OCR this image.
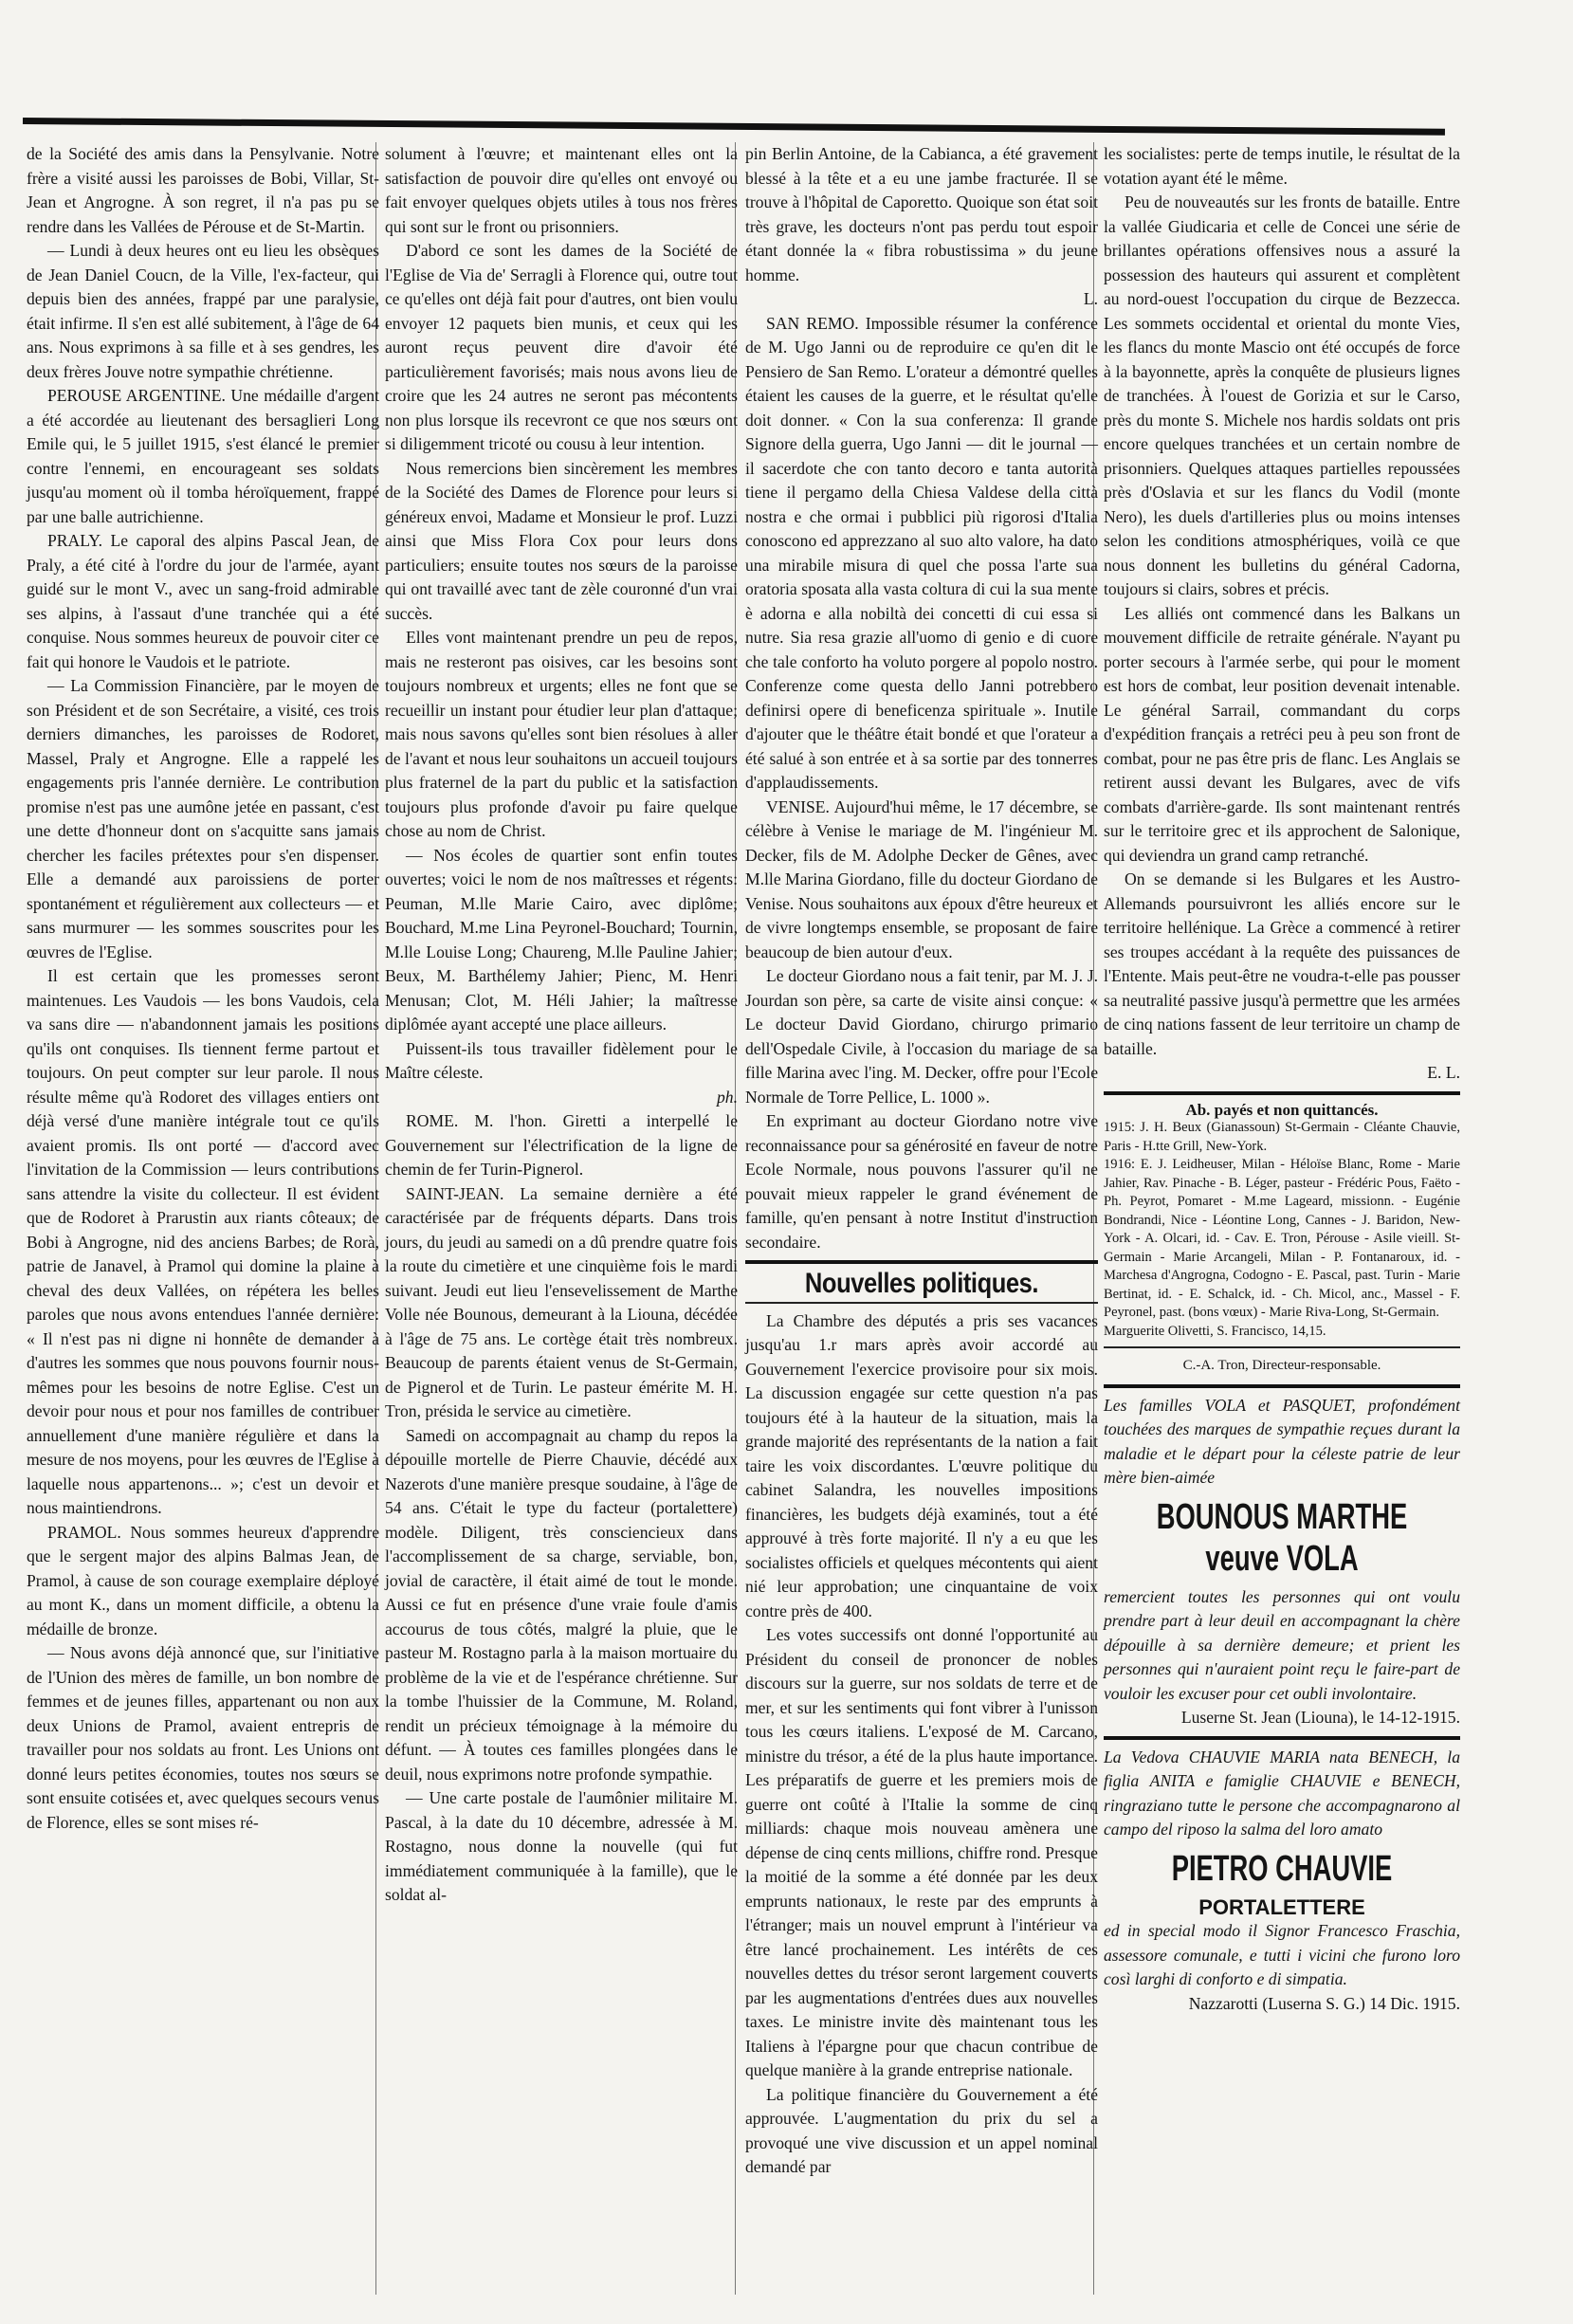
de la Société des amis dans la Pensylvanie. Notre frère a visité aussi les paroisses de Bobi, Villar, St-Jean et Angrogne. À son regret, il n'a pas pu se rendre dans les Vallées de Pérouse et de St-Martin.

— Lundi à deux heures ont eu lieu les obsèques de Jean Daniel Coucn, de la Ville, l'ex-facteur, qui depuis bien des années, frappé par une paralysie, était infirme. Il s'en est allé subitement, à l'âge de 64 ans. Nous exprimons à sa fille et à ses gendres, les deux frères Jouve notre sympathie chrétienne.

PEROUSE ARGENTINE. Une médaille d'argent a été accordée au lieutenant des bersaglieri Long Emile qui, le 5 juillet 1915, s'est élancé le premier contre l'ennemi, en encourageant ses soldats jusqu'au moment où il tomba héroïquement, frappé par une balle autrichienne.

PRALY. Le caporal des alpins Pascal Jean, de Praly, a été cité à l'ordre du jour de l'armée, ayant guidé sur le mont V., avec un sang-froid admirable ses alpins, à l'assaut d'une tranchée qui a été conquise. Nous sommes heureux de pouvoir citer ce fait qui honore le Vaudois et le patriote.

— La Commission Financière, par le moyen de son Président et de son Secrétaire, a visité, ces trois derniers dimanches, les paroisses de Rodoret, Massel, Praly et Angrogne. Elle a rappelé les engagements pris l'année dernière. Le contribution promise n'est pas une aumône jetée en passant, c'est une dette d'honneur dont on s'acquitte sans jamais chercher les faciles prétextes pour s'en dispenser. Elle a demandé aux paroissiens de porter spontanément et régulièrement aux collecteurs — et sans murmurer — les sommes souscrites pour les œuvres de l'Eglise.

Il est certain que les promesses seront maintenues. Les Vaudois — les bons Vaudois, cela va sans dire — n'abandonnent jamais les positions qu'ils ont conquises. Ils tiennent ferme partout et toujours. On peut compter sur leur parole. Il nous résulte même qu'à Rodoret des villages entiers ont déjà versé d'une manière intégrale tout ce qu'ils avaient promis. Ils ont porté — d'accord avec l'invitation de la Commission — leurs contributions sans attendre la visite du collecteur. Il est évident que de Rodoret à Prarustin aux riants côteaux; de Bobi à Angrogne, nid des anciens Barbes; de Rorà, patrie de Janavel, à Pramol qui domine la plaine à cheval des deux Vallées, on répétera les belles paroles que nous avons entendues l'année dernière: « Il n'est pas ni digne ni honnête de demander à d'autres les sommes que nous pouvons fournir nous-mêmes pour les besoins de notre Eglise. C'est un devoir pour nous et pour nos familles de contribuer annuellement d'une manière régulière et dans la mesure de nos moyens, pour les œuvres de l'Eglise à laquelle nous appartenons... »; c'est un devoir et nous maintiendrons.

PRAMOL. Nous sommes heureux d'apprendre que le sergent major des alpins Balmas Jean, de Pramol, à cause de son courage exemplaire déployé au mont K., dans un moment difficile, a obtenu la médaille de bronze.

— Nous avons déjà annoncé que, sur l'initiative de l'Union des mères de famille, un bon nombre de femmes et de jeunes filles, appartenant ou non aux deux Unions de Pramol, avaient entrepris de travailler pour nos soldats au front. Les Unions ont donné leurs petites économies, toutes nos sœurs se sont ensuite cotisées et, avec quelques secours venus de Florence, elles se sont mises ré-

solument à l'œuvre; et maintenant elles ont la satisfaction de pouvoir dire qu'elles ont envoyé ou fait envoyer quelques objets utiles à tous nos frères qui sont sur le front ou prisonniers.

D'abord ce sont les dames de la Société de l'Eglise de Via de' Serragli à Florence qui, outre tout ce qu'elles ont déjà fait pour d'autres, ont bien voulu envoyer 12 paquets bien munis, et ceux qui les auront reçus peuvent dire d'avoir été particulièrement favorisés; mais nous avons lieu de croire que les 24 autres ne seront pas mécontents non plus lorsque ils recevront ce que nos sœurs ont si diligemment tricoté ou cousu à leur intention.

Nous remercions bien sincèrement les membres de la Société des Dames de Florence pour leurs si généreux envoi, Madame et Monsieur le prof. Luzzi ainsi que Miss Flora Cox pour leurs dons particuliers; ensuite toutes nos sœurs de la paroisse qui ont travaillé avec tant de zèle couronné d'un vrai succès.

Elles vont maintenant prendre un peu de repos, mais ne resteront pas oisives, car les besoins sont toujours nombreux et urgents; elles ne font que se recueillir un instant pour étudier leur plan d'attaque; mais nous savons qu'elles sont bien résolues à aller de l'avant et nous leur souhaitons un accueil toujours plus fraternel de la part du public et la satisfaction toujours plus profonde d'avoir pu faire quelque chose au nom de Christ.

— Nos écoles de quartier sont enfin toutes ouvertes; voici le nom de nos maîtresses et régents: Peuman, M.lle Marie Cairo, avec diplôme; Bouchard, M.me Lina Peyronel-Bouchard; Tournin, M.lle Louise Long; Chaureng, M.lle Pauline Jahier; Beux, M. Barthélemy Jahier; Pienc, M. Henri Menusan; Clot, M. Héli Jahier; la maîtresse diplômée ayant accepté une place ailleurs.

Puissent-ils tous travailler fidèlement pour le Maître céleste.

ph.

ROME. M. l'hon. Giretti a interpellé le Gouvernement sur l'électrification de la ligne de chemin de fer Turin-Pignerol.

SAINT-JEAN. La semaine dernière a été caractérisée par de fréquents départs. Dans trois jours, du jeudi au samedi on a dû prendre quatre fois la route du cimetière et une cinquième fois le mardi suivant. Jeudi eut lieu l'ensevelissement de Marthe Volle née Bounous, demeurant à la Liouna, décédée à l'âge de 75 ans. Le cortège était très nombreux. Beaucoup de parents étaient venus de St-Germain, de Pignerol et de Turin. Le pasteur émérite M. H. Tron, présida le service au cimetière.

Samedi on accompagnait au champ du repos la dépouille mortelle de Pierre Chauvie, décédé aux Nazerots d'une manière presque soudaine, à l'âge de 54 ans. C'était le type du facteur (portalettere) modèle. Diligent, très consciencieux dans l'accomplissement de sa charge, serviable, bon, jovial de caractère, il était aimé de tout le monde. Aussi ce fut en présence d'une vraie foule d'amis accourus de tous côtés, malgré la pluie, que le pasteur M. Rostagno parla à la maison mortuaire du problème de la vie et de l'espérance chrétienne. Sur la tombe l'huissier de la Commune, M. Roland, rendit un précieux témoignage à la mémoire du défunt. — À toutes ces familles plongées dans le deuil, nous exprimons notre profonde sympathie.

— Une carte postale de l'aumônier militaire M. Pascal, à la date du 10 décembre, adressée à M. Rostagno, nous donne la nouvelle (qui fut immédiatement communiquée à la famille), que le soldat al-

pin Berlin Antoine, de la Cabianca, a été gravement blessé à la tête et a eu une jambe fracturée. Il se trouve à l'hôpital de Caporetto. Quoique son état soit très grave, les docteurs n'ont pas perdu tout espoir étant donnée la « fibra robustissima » du jeune homme.

L.

SAN REMO. Impossible résumer la conférence de M. Ugo Janni ou de reproduire ce qu'en dit le Pensiero de San Remo. L'orateur a démontré quelles étaient les causes de la guerre, et le résultat qu'elle doit donner. « Con la sua conferenza: Il grande Signore della guerra, Ugo Janni — dit le journal — il sacerdote che con tanto decoro e tanta autorità tiene il pergamo della Chiesa Valdese della città nostra e che ormai i pubblici più rigorosi d'Italia conoscono ed apprezzano al suo alto valore, ha dato una mirabile misura di quel che possa l'arte sua oratoria sposata alla vasta coltura di cui la sua mente è adorna e alla nobiltà dei concetti di cui essa si nutre. Sia resa grazie all'uomo di genio e di cuore che tale conforto ha voluto porgere al popolo nostro. Conferenze come questa dello Janni potrebbero definirsi opere di beneficenza spirituale ». Inutile d'ajouter que le théâtre était bondé et que l'orateur a été salué à son entrée et à sa sortie par des tonnerres d'applaudissements.

VENISE. Aujourd'hui même, le 17 décembre, se célèbre à Venise le mariage de M. l'ingénieur M. Decker, fils de M. Adolphe Decker de Gênes, avec M.lle Marina Giordano, fille du docteur Giordano de Venise. Nous souhaitons aux époux d'être heureux et de vivre longtemps ensemble, se proposant de faire beaucoup de bien autour d'eux.

Le docteur Giordano nous a fait tenir, par M. J. J. Jourdan son père, sa carte de visite ainsi conçue: « Le docteur David Giordano, chirurgo primario dell'Ospedale Civile, à l'occasion du mariage de sa fille Marina avec l'ing. M. Decker, offre pour l'Ecole Normale de Torre Pellice, L. 1000 ».

En exprimant au docteur Giordano notre vive reconnaissance pour sa générosité en faveur de notre Ecole Normale, nous pouvons l'assurer qu'il ne pouvait mieux rappeler le grand événement de famille, qu'en pensant à notre Institut d'instruction secondaire.

Nouvelles politiques.

La Chambre des députés a pris ses vacances jusqu'au 1.r mars après avoir accordé au Gouvernement l'exercice provisoire pour six mois. La discussion engagée sur cette question n'a pas toujours été à la hauteur de la situation, mais la grande majorité des représentants de la nation a fait taire les voix discordantes. L'œuvre politique du cabinet Salandra, les nouvelles impositions financières, les budgets déjà examinés, tout a été approuvé à très forte majorité. Il n'y a eu que les socialistes officiels et quelques mécontents qui aient nié leur approbation; une cinquantaine de voix contre près de 400.

Les votes successifs ont donné l'opportunité au Président du conseil de prononcer de nobles discours sur la guerre, sur nos soldats de terre et de mer, et sur les sentiments qui font vibrer à l'unisson tous les cœurs italiens. L'exposé de M. Carcano, ministre du trésor, a été de la plus haute importance. Les préparatifs de guerre et les premiers mois de guerre ont coûté à l'Italie la somme de cinq milliards: chaque mois nouveau amènera une dépense de cinq cents millions, chiffre rond. Presque la moitié de la somme a été donnée par les deux emprunts nationaux, le reste par des emprunts à l'étranger; mais un nouvel emprunt à l'intérieur va être lancé prochainement. Les intérêts de ces nouvelles dettes du trésor seront largement couverts par les augmentations d'entrées dues aux nouvelles taxes. Le ministre invite dès maintenant tous les Italiens à l'épargne pour que chacun contribue de quelque manière à la grande entreprise nationale.

La politique financière du Gouvernement a été approuvée. L'augmentation du prix du sel a provoqué une vive discussion et un appel nominal demandé par

les socialistes: perte de temps inutile, le résultat de la votation ayant été le même.

Peu de nouveautés sur les fronts de bataille. Entre la vallée Giudicaria et celle de Concei une série de brillantes opérations offensives nous a assuré la possession des hauteurs qui assurent et complètent au nord-ouest l'occupation du cirque de Bezzecca. Les sommets occidental et oriental du monte Vies, les flancs du monte Mascio ont été occupés de force à la bayonnette, après la conquête de plusieurs lignes de tranchées. À l'ouest de Gorizia et sur le Carso, près du monte S. Michele nos hardis soldats ont pris encore quelques tranchées et un certain nombre de prisonniers. Quelques attaques partielles repoussées près d'Oslavia et sur les flancs du Vodil (monte Nero), les duels d'artilleries plus ou moins intenses selon les conditions atmosphériques, voilà ce que nous donnent les bulletins du général Cadorna, toujours si clairs, sobres et précis.

Les alliés ont commencé dans les Balkans un mouvement difficile de retraite générale. N'ayant pu porter secours à l'armée serbe, qui pour le moment est hors de combat, leur position devenait intenable. Le général Sarrail, commandant du corps d'expédition français a retréci peu à peu son front de combat, pour ne pas être pris de flanc. Les Anglais se retirent aussi devant les Bulgares, avec de vifs combats d'arrière-garde. Ils sont maintenant rentrés sur le territoire grec et ils approchent de Salonique, qui deviendra un grand camp retranché.

On se demande si les Bulgares et les Austro-Allemands poursuivront les alliés encore sur le territoire hellénique. La Grèce a commencé à retirer ses troupes accédant à la requête des puissances de l'Entente. Mais peut-être ne voudra-t-elle pas pousser sa neutralité passive jusqu'à permettre que les armées de cinq nations fassent de leur territoire un champ de bataille.

E. L.

Ab. payés et non quittancés.

1915: J. H. Beux (Gianassoun) St-Germain - Cléante Chauvie, Paris - H.tte Grill, New-York.

1916: E. J. Leidheuser, Milan - Héloïse Blanc, Rome - Marie Jahier, Rav. Pinache - B. Léger, pasteur - Frédéric Pous, Faëto - Ph. Peyrot, Pomaret - M.me Lageard, missionn. - Eugénie Bondrandi, Nice - Léontine Long, Cannes - J. Baridon, New-York - A. Olcari, id. - Cav. E. Tron, Pérouse - Asile vieill. St-Germain - Marie Arcangeli, Milan - P. Fontanaroux, id. - Marchesa d'Angrogna, Codogno - E. Pascal, past. Turin - Marie Bertinat, id. - E. Schalck, id. - Ch. Micol, anc., Massel - F. Peyronel, past. (bons vœux) - Marie Riva-Long, St-Germain.

Marguerite Olivetti, S. Francisco, 14,15.

C.-A. Tron, Directeur-responsable.

Les familles VOLA et PASQUET, profondément touchées des marques de sympathie reçues durant la maladie et le départ pour la céleste patrie de leur mère bien-aimée

BOUNOUS MARTHE veuve VOLA

remercient toutes les personnes qui ont voulu prendre part à leur deuil en accompagnant la chère dépouille à sa dernière demeure; et prient les personnes qui n'auraient point reçu le faire-part de vouloir les excuser pour cet oubli involontaire.

Luserne St. Jean (Liouna), le 14-12-1915.

La Vedova CHAUVIE MARIA nata BENECH, la figlia ANITA e famiglie CHAUVIE e BENECH, ringraziano tutte le persone che accompagnarono al campo del riposo la salma del loro amato

PIETRO CHAUVIE
PORTALETTERE

ed in special modo il Signor Francesco Fraschia, assessore comunale, e tutti i vicini che furono loro così larghi di conforto e di simpatia.

Nazzarotti (Luserna S. G.) 14 Dic. 1915.
